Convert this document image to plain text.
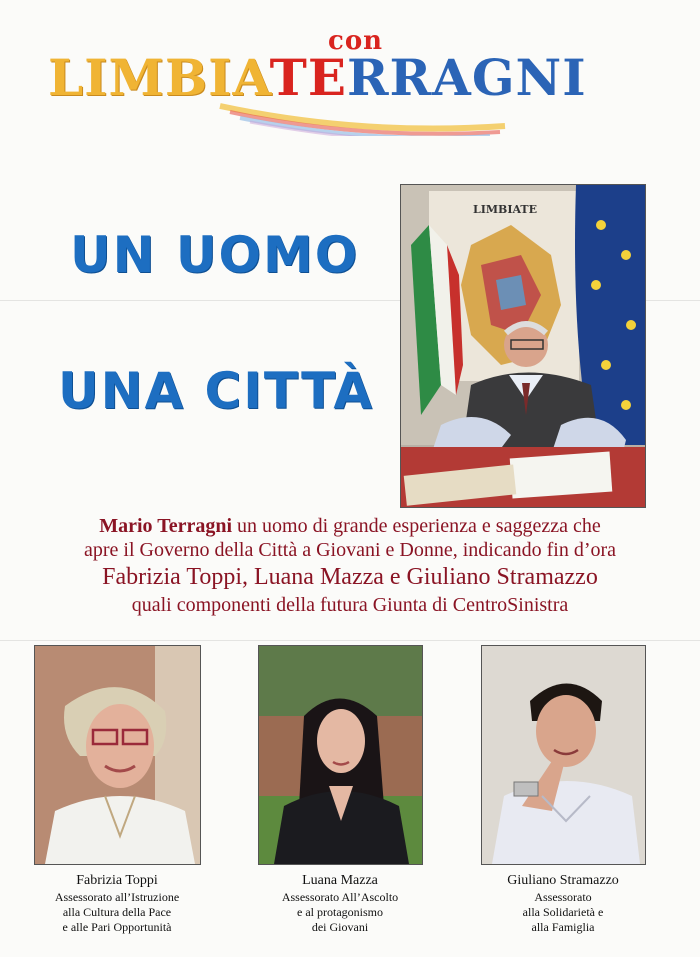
con
LIMBIATERRAGNI
UN UOMO
UNA CITTÀ
LIMBIATE
Mario Terragni un uomo di grande esperienza e saggezza che
apre il Governo della Città a Giovani e Donne, indicando fin d’ora
Fabrizia Toppi, Luana Mazza e Giuliano Stramazzo
quali componenti della futura Giunta di CentroSinistra
Fabrizia Toppi
Assessorato all’Istruzione
alla Cultura della Pace
e alle Pari Opportunità
Luana Mazza
Assessorato All’Ascolto
e al protagonismo
dei Giovani
Giuliano Stramazzo
Assessorato
alla Solidarietà e
alla Famiglia
